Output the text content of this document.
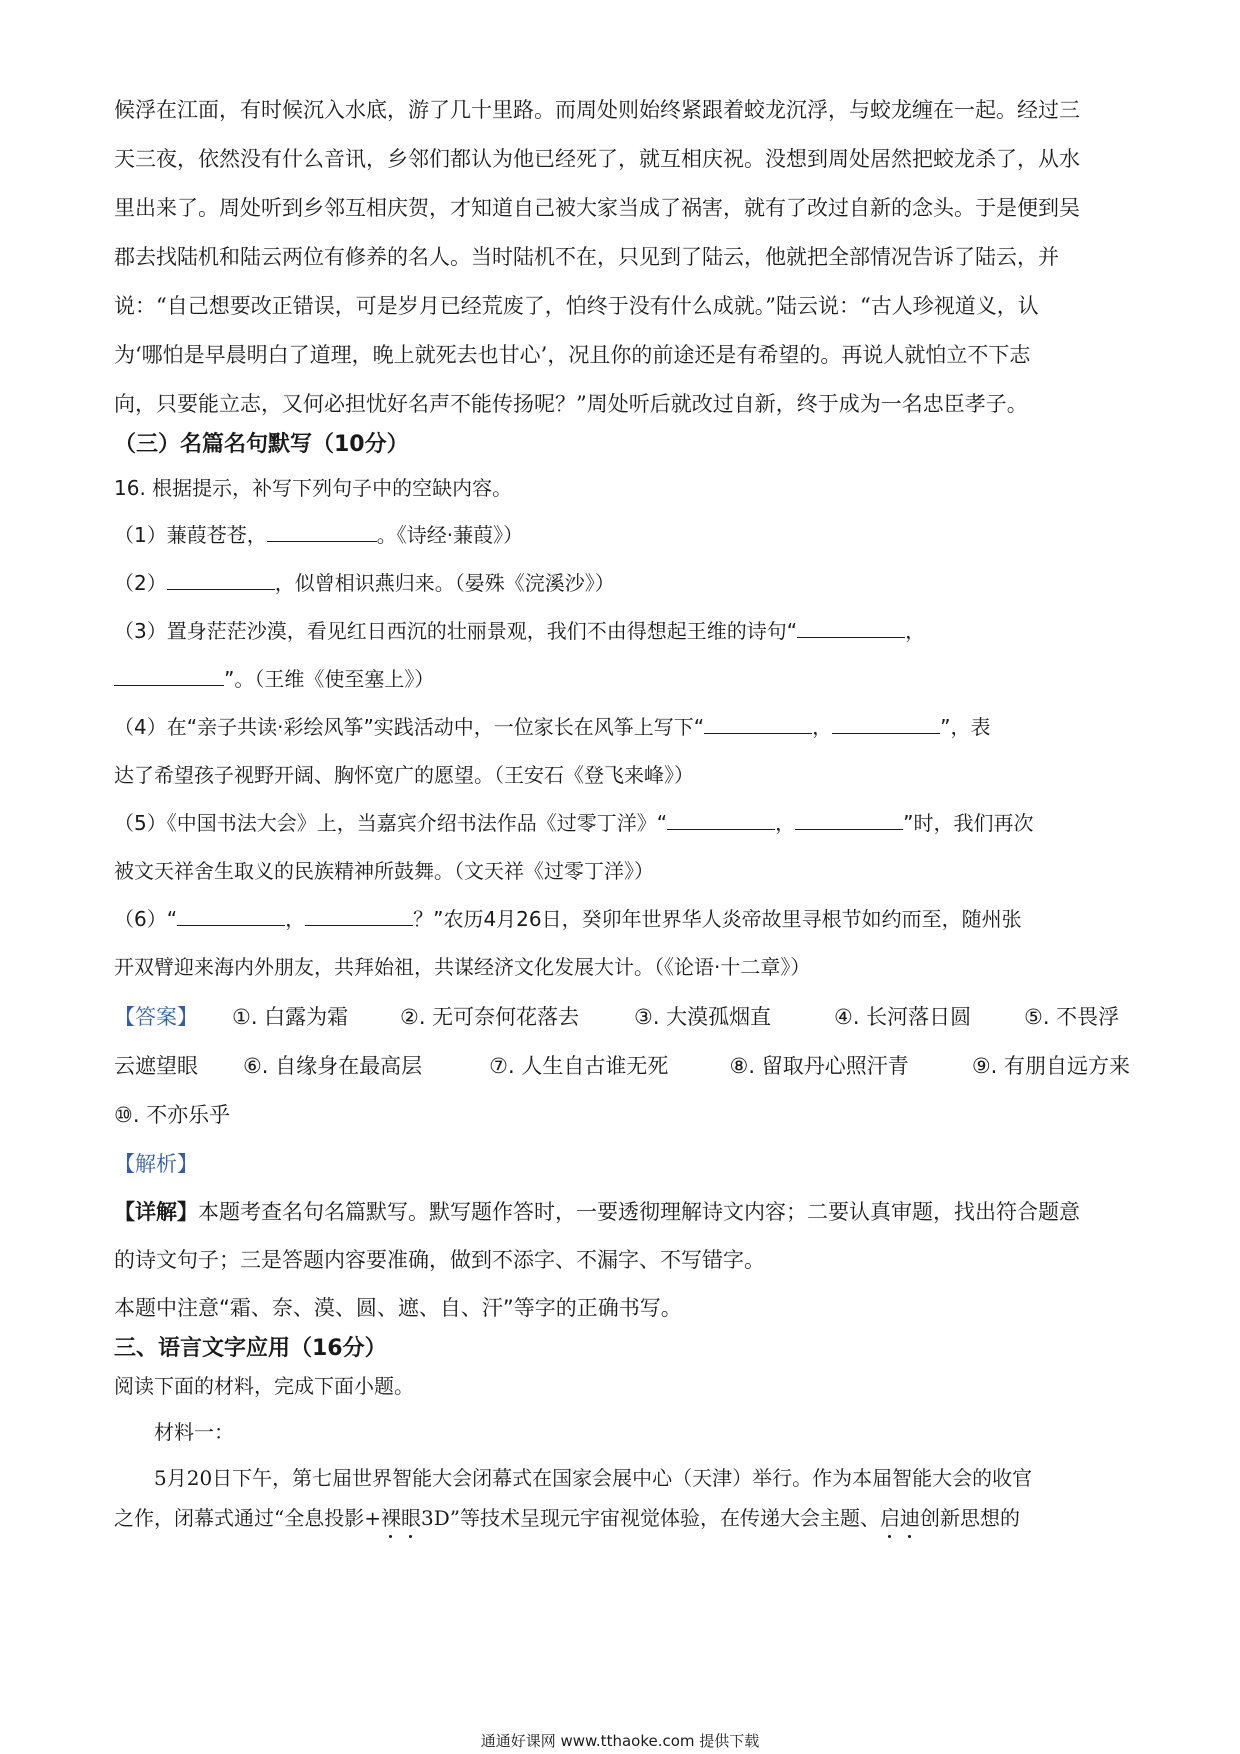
候浮在江面，有时候沉入水底，游了几十里路。而周处则始终紧跟着蛟龙沉浮，与蛟龙缠在一起。经过三
天三夜，依然没有什么音讯，乡邻们都认为他已经死了，就互相庆祝。没想到周处居然把蛟龙杀了，从水
里出来了。周处听到乡邻互相庆贺，才知道自己被大家当成了祸害，就有了改过自新的念头。于是便到吴
郡去找陆机和陆云两位有修养的名人。当时陆机不在，只见到了陆云，他就把全部情况告诉了陆云，并
说：“自己想要改正错误，可是岁月已经荒废了，怕终于没有什么成就。”陆云说：“古人珍视道义，认
为‘哪怕是早晨明白了道理，晚上就死去也甘心’，况且你的前途还是有希望的。再说人就怕立不下志
向，只要能立志，又何必担忧好名声不能传扬呢？”周处听后就改过自新，终于成为一名忠臣孝子。
（三）名篇名句默写（10分）
16. 根据提示，补写下列句子中的空缺内容。
（1）蒹葭苍苍，	。《诗经·蒹葭》）
（2）	，似曾相识燕归来。（晏殊《浣溪沙》）
（3）置身茫茫沙漠，看见红日西沉的壮丽景观，我们不由得想起王维的诗句“	，
”。（王维《使至塞上》）
（4）在“亲子共读·彩绘风筝”实践活动中，一位家长在风筝上写下“	，	”，表
达了希望孩子视野开阔、胸怀宽广的愿望。（王安石《登飞来峰》）
（5）《中国书法大会》上，当嘉宾介绍书法作品《过零丁洋》“	，	”时，我们再次
被文天祥舍生取义的民族精神所鼓舞。（文天祥《过零丁洋》）
（6）“	，	？”农历4月26日，癸卯年世界华人炎帝故里寻根节如约而至，随州张
开双臂迎来海内外朋友，共拜始祖，共谋经济文化发展大计。（《论语·十二章》）
【答案】	①. 白露为霜	②. 无可奈何花落去	③. 大漠孤烟直	④. 长河落日圆	⑤. 不畏浮
云遮望眼	⑥. 自缘身在最高层	⑦. 人生自古谁无死	⑧. 留取丹心照汗青	⑨. 有朋自远方来
⑩. 不亦乐乎
【解析】
【详解】本题考查名句名篇默写。默写题作答时，一要透彻理解诗文内容；二要认真审题，找出符合题意
的诗文句子；三是答题内容要准确，做到不添字、不漏字、不写错字。
本题中注意“霜、奈、漠、圆、遮、自、汗”等字的正确书写。
三、语言文字应用（16分）
阅读下面的材料，完成下面小题。
材料一：
5月20日下午，第七届世界智能大会闭幕式在国家会展中心（天津）举行。作为本届智能大会的收官
之作，闭幕式通过“全息投影+裸眼3D”等技术呈现元宇宙视觉体验，在传递大会主题、启迪创新思想的
通通好课网 www.tthaoke.com 提供下载
